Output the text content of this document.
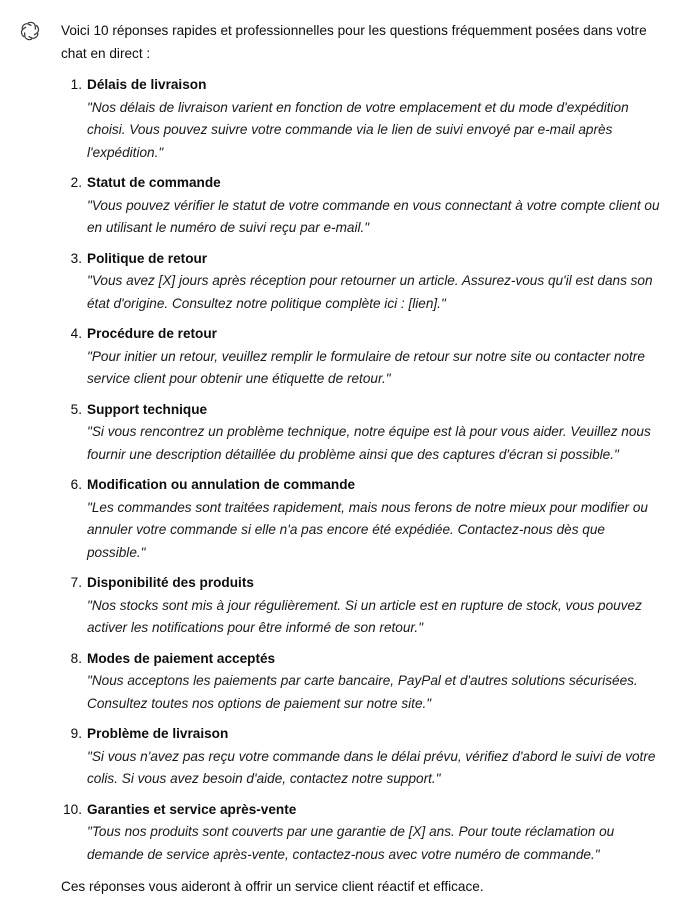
Voici 10 réponses rapides et professionnelles pour les questions fréquemment posées dans votre chat en direct :

1. Délais de livraison
"Nos délais de livraison varient en fonction de votre emplacement et du mode d'expédition choisi. Vous pouvez suivre votre commande via le lien de suivi envoyé par e-mail après l'expédition."
2. Statut de commande
"Vous pouvez vérifier le statut de votre commande en vous connectant à votre compte client ou en utilisant le numéro de suivi reçu par e-mail."
3. Politique de retour
"Vous avez [X] jours après réception pour retourner un article. Assurez-vous qu'il est dans son état d'origine. Consultez notre politique complète ici : [lien]."
4. Procédure de retour
"Pour initier un retour, veuillez remplir le formulaire de retour sur notre site ou contacter notre service client pour obtenir une étiquette de retour."
5. Support technique
"Si vous rencontrez un problème technique, notre équipe est là pour vous aider. Veuillez nous fournir une description détaillée du problème ainsi que des captures d'écran si possible."
6. Modification ou annulation de commande
"Les commandes sont traitées rapidement, mais nous ferons de notre mieux pour modifier ou annuler votre commande si elle n'a pas encore été expédiée. Contactez-nous dès que possible."
7. Disponibilité des produits
"Nos stocks sont mis à jour régulièrement. Si un article est en rupture de stock, vous pouvez activer les notifications pour être informé de son retour."
8. Modes de paiement acceptés
"Nous acceptons les paiements par carte bancaire, PayPal et d'autres solutions sécurisées. Consultez toutes nos options de paiement sur notre site."
9. Problème de livraison
"Si vous n'avez pas reçu votre commande dans le délai prévu, vérifiez d'abord le suivi de votre colis. Si vous avez besoin d'aide, contactez notre support."
10. Garanties et service après-vente
"Tous nos produits sont couverts par une garantie de [X] ans. Pour toute réclamation ou demande de service après-vente, contactez-nous avec votre numéro de commande."

Ces réponses vous aideront à offrir un service client réactif et efficace.
